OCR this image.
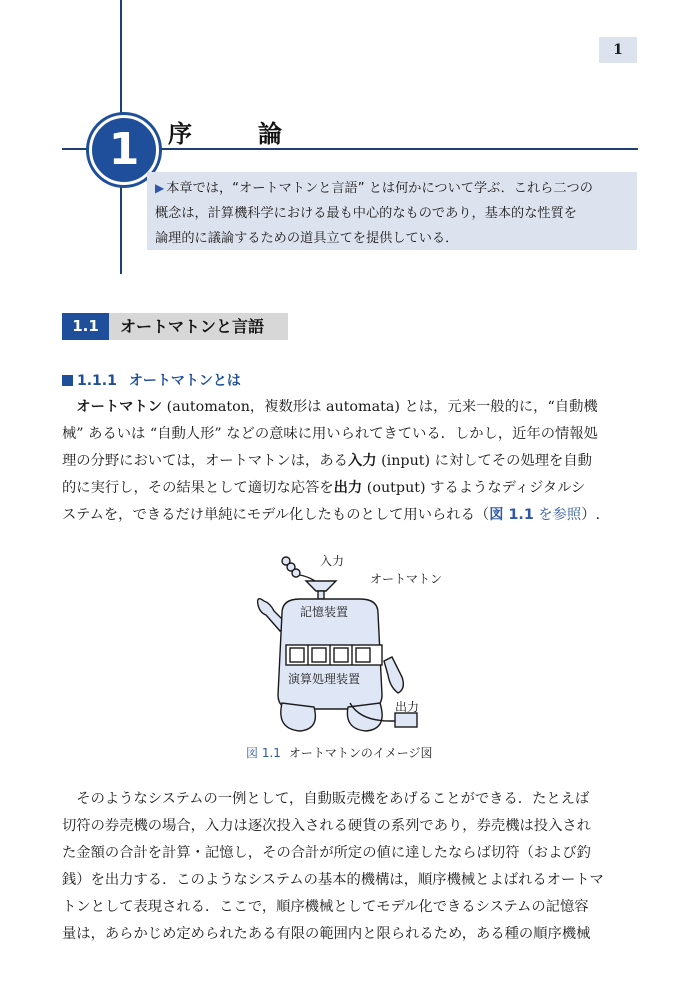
1
1	序論
▶ 本章では，“オートマトンと言語” とは何かについて学ぶ．これら二つの
概念は，計算機科学における最も中心的なものであり，基本的な性質を
論理的に議論するための道具立てを提供している．
1.1	オートマトンと言語
1.1.1 オートマトンとは
　オートマトン (automaton，複数形は automata) とは，元来一般的に，“自動機
械” あるいは “自動人形” などの意味に用いられてきている．しかし，近年の情報処
理の分野においては，オートマトンは，ある入力 (input) に対してその処理を自動
的に実行し，その結果として適切な応答を出力 (output) するようなディジタルシ
ステムを，できるだけ単純にモデル化したものとして用いられる（図 1.1 を参照）.
入力
オートマトン
記憶装置
演算処理装置
出力
図 1.1 オートマトンのイメージ図
　そのようなシステムの一例として，自動販売機をあげることができる．たとえば
切符の券売機の場合，入力は逐次投入される硬貨の系列であり，券売機は投入され
た金額の合計を計算・記憶し，その合計が所定の値に達したならば切符（および釣
銭）を出力する．このようなシステムの基本的機構は，順序機械とよばれるオートマ
トンとして表現される．ここで，順序機械としてモデル化できるシステムの記憶容
量は，あらかじめ定められたある有限の範囲内と限られるため，ある種の順序機械
